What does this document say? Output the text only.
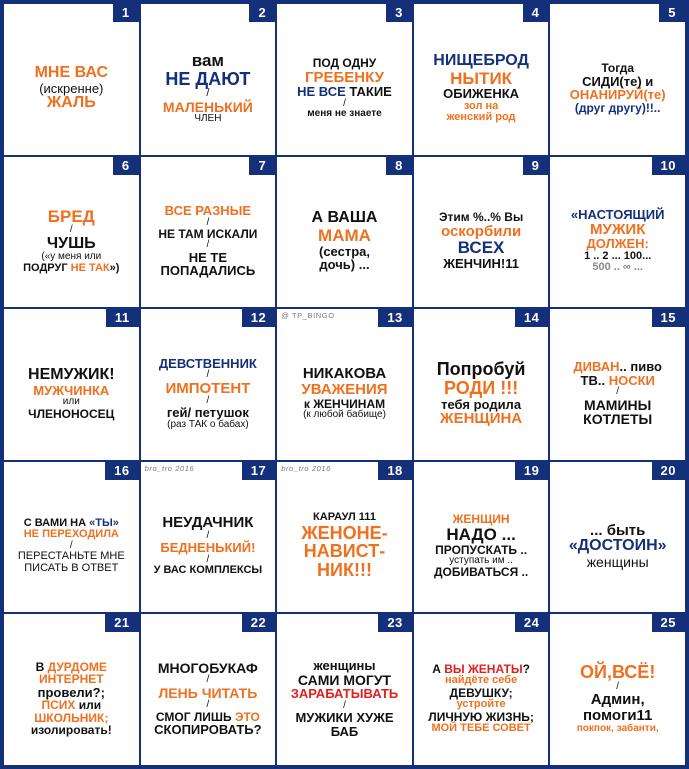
1
МНЕ ВАС
(искренне)
ЖАЛЬ
2
вам
НЕ ДАЮТ
/
МАЛЕНЬКИЙ
ЧЛЕН
3
ПОД ОДНУ
ГРЕБЕНКУ
НЕ ВСЕ ТАКИЕ
/
меня не знаете
4
НИЩЕБРОД
НЫТИК
ОБИЖЕНКА
зол на
женский род
5
Тогда
СИДИ(те) и
ОНАНИРУЙ(те)
(друг другу)!!..
6
БРЕД
/
ЧУШЬ
(«у меня или
ПОДРУГ НЕ ТАК»)
7
ВСЕ РАЗНЫЕ
/
НЕ ТАМ ИСКАЛИ
/
НЕ ТЕ
ПОПАДАЛИСЬ
8
А ВАША
МАМА
(сестра,
дочь) ...
9
Этим %..% Вы
оскорбили
ВСЕХ
ЖЕНЧИН!11
10
«НАСТОЯЩИЙ
МУЖИК
ДОЛЖЕН:
1 .. 2 ... 100...
500 .. ∞ ...
11
НЕМУЖИК!
МУЖЧИНКА
или
ЧЛЕНОНОСЕЦ
12
ДЕВСТВЕННИК
/
ИМПОТЕНТ
/
гей/ петушок
(раз ТАК о бабах)
13
@ TP_BINGO
НИКАКОВА
УВАЖЕНИЯ
к ЖЕНЧИНАМ
(к любой бабище)
14
Попробуй
РОДИ !!!
тебя родила
ЖЕНЩИНА
15
ДИВАН.. пиво
ТВ.. НОСКИ
/
МАМИНЫ
КОТЛЕТЫ
16
С ВАМИ НА «ТЫ»
НЕ ПЕРЕХОДИЛА
/
ПЕРЕСТАНЬТЕ МНЕ
ПИСАТЬ В ОТВЕТ
17
bro_tro 2016
НЕУДАЧНИК
/
БЕДНЕНЬКИЙ!
/
У ВАС КОМПЛЕКСЫ
18
bro_tro 2016
КАРАУЛ 111
ЖЕНОНЕ-
НАВИСТ-
НИК!!!
19
ЖЕНЩИН
НАДО ...
ПРОПУСКАТЬ ..
уступать им ..
ДОБИВАТЬСЯ ..
20
... быть
«ДОСТОИН»
женщины
21
В ДУРДОМЕ
ИНТЕРНЕТ
провели?;
ПСИХ или
ШКОЛЬНИК;
изолировать!
22
МНОГОБУКАФ
/
ЛЕНЬ ЧИТАТЬ
/
СМОГ ЛИШЬ ЭТО
СКОПИРОВАТЬ?
23
женщины
САМИ МОГУТ
ЗАРАБАТЫВАТЬ
/
МУЖИКИ ХУЖЕ
БАБ
24
А ВЫ ЖЕНАТЫ?
найдёте себе
ДЕВУШКУ;
устройте
ЛИЧНУЮ ЖИЗНЬ;
МОЙ ТЕБЕ СОВЕТ
25
ОЙ,ВСЁ!
/
Админ,
помоги11
покпок, забанти,
